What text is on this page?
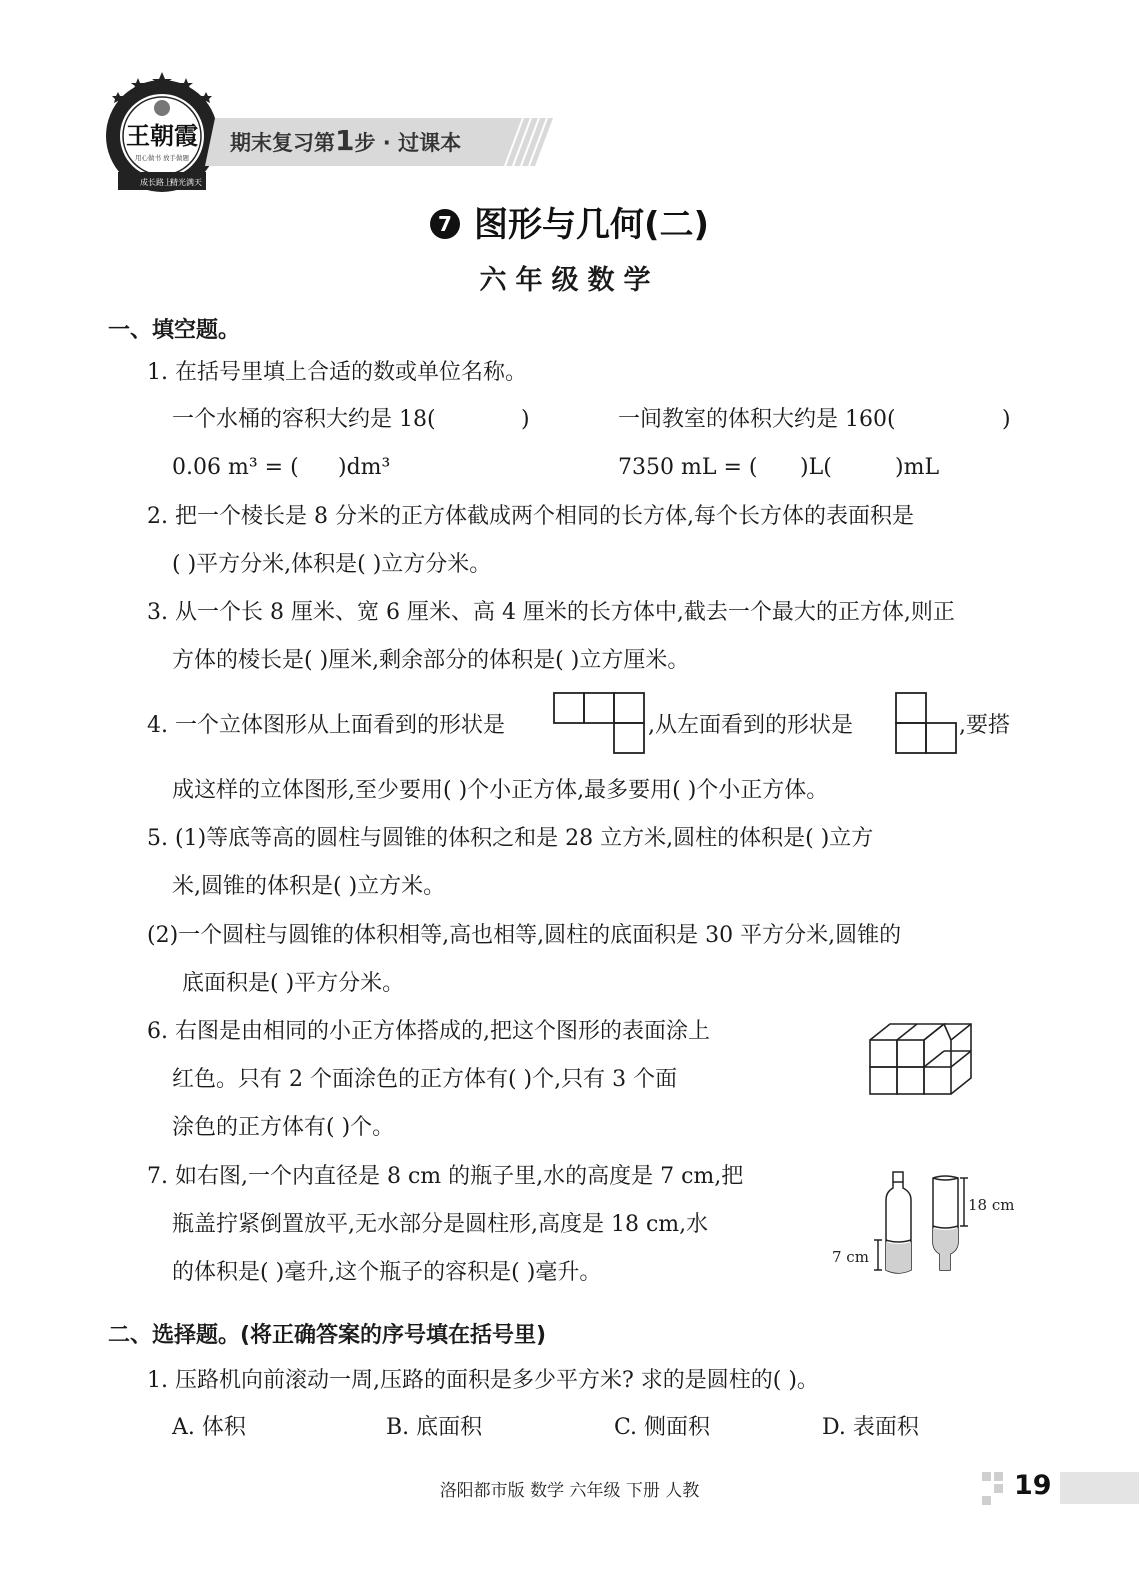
成长路上
精光满天
王朝霞
用心做书 放手做题
期末复习第1步 · 过课本
7 图形与几何(二)
六年级数学
一、填空题。
1. 在括号里填上合适的数或单位名称。
一个水桶的容积大约是 18(	)	一间教室的体积大约是 160(	)
0.06 m³ = ( )dm³	7350 mL = ( )L(	)mL
2. 把一个棱长是 8 分米的正方体截成两个相同的长方体,每个长方体的表面积是
( )平方分米,体积是( )立方分米。
3. 从一个长 8 厘米、宽 6 厘米、高 4 厘米的长方体中,截去一个最大的正方体,则正
方体的棱长是( )厘米,剩余部分的体积是( )立方厘米。
4. 一个立体图形从上面看到的形状是	,从左面看到的形状是	,要搭
成这样的立体图形,至少要用( )个小正方体,最多要用( )个小正方体。
5. (1)等底等高的圆柱与圆锥的体积之和是 28 立方米,圆柱的体积是( )立方
米,圆锥的体积是( )立方米。
(2)一个圆柱与圆锥的体积相等,高也相等,圆柱的底面积是 30 平方分米,圆锥的
底面积是( )平方分米。
6. 右图是由相同的小正方体搭成的,把这个图形的表面涂上
红色。只有 2 个面涂色的正方体有( )个,只有 3 个面
涂色的正方体有( )个。
7. 如右图,一个内直径是 8 cm 的瓶子里,水的高度是 7 cm,把
瓶盖拧紧倒置放平,无水部分是圆柱形,高度是 18 cm,水
的体积是( )毫升,这个瓶子的容积是( )毫升。
7 cm
18 cm
二、选择题。(将正确答案的序号填在括号里)
1. 压路机向前滚动一周,压路的面积是多少平方米? 求的是圆柱的( )。
A. 体积	B. 底面积	C. 侧面积	D. 表面积
洛阳都市版 数学 六年级 下册 人教	19
